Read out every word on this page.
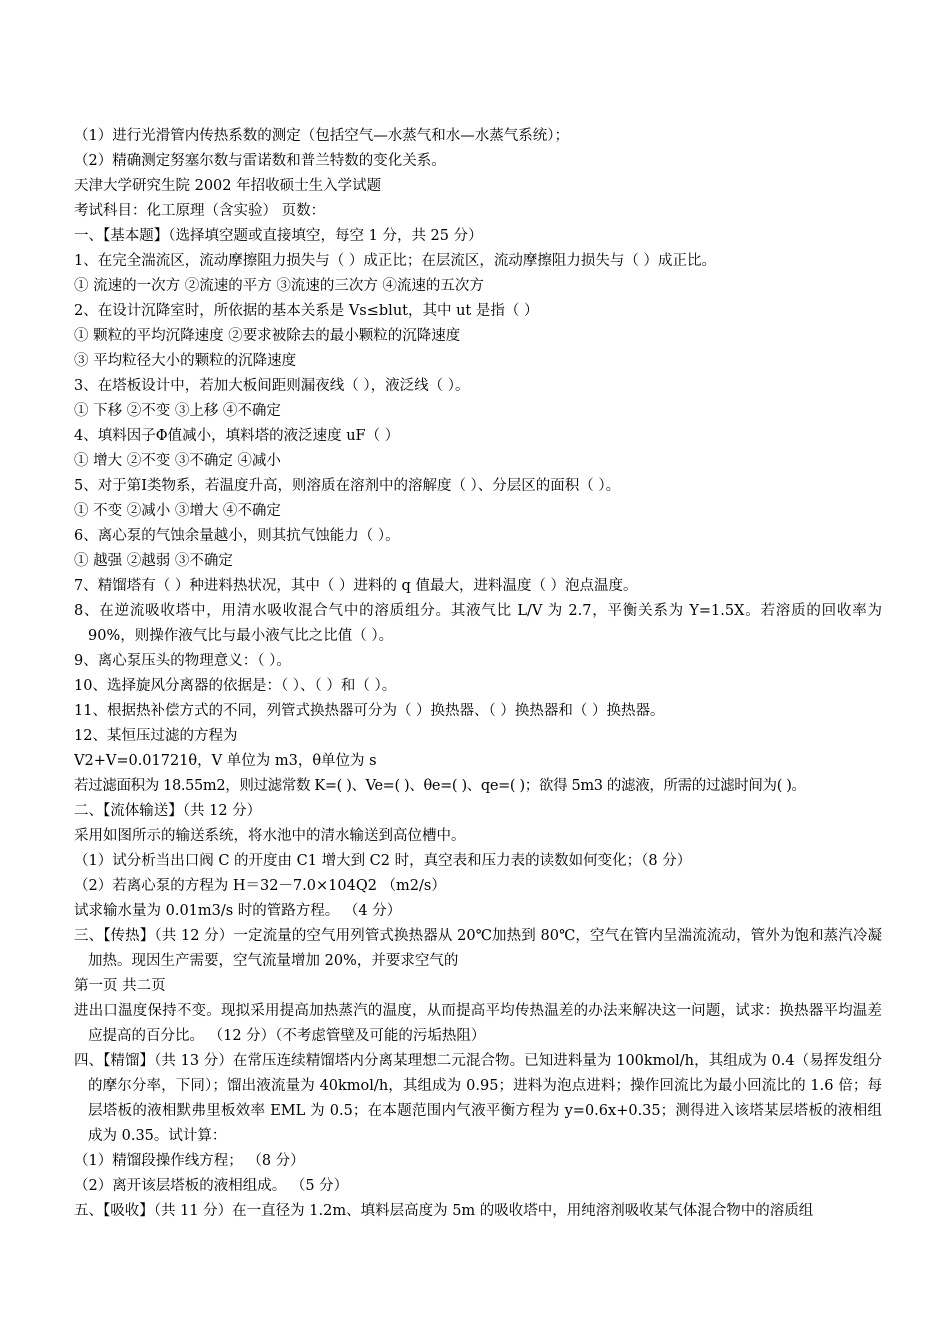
（1）进行光滑管内传热系数的测定（包括空气—水蒸气和水—水蒸气系统）；
（2）精确测定努塞尔数与雷诺数和普兰特数的变化关系。
天津大学研究生院 2002 年招收硕士生入学试题
考试科目：化工原理（含实验） 页数：
一、【基本题】（选择填空题或直接填空，每空 1 分，共 25 分）
1、在完全湍流区，流动摩擦阻力损失与（ ）成正比；在层流区，流动摩擦阻力损失与（ ）成正比。
① 流速的一次方 ②流速的平方 ③流速的三次方 ④流速的五次方
2、在设计沉降室时，所依据的基本关系是 Vs≤blut，其中 ut 是指（ ）
① 颗粒的平均沉降速度 ②要求被除去的最小颗粒的沉降速度
③ 平均粒径大小的颗粒的沉降速度
3、在塔板设计中，若加大板间距则漏夜线（ ），液泛线（ ）。
① 下移 ②不变 ③上移 ④不确定
4、填料因子Φ值减小，填料塔的液泛速度 uF（ ）
① 增大 ②不变 ③不确定 ④减小
5、对于第Ⅰ类物系，若温度升高，则溶质在溶剂中的溶解度（ ）、分层区的面积（ ）。
① 不变 ②减小 ③增大 ④不确定
6、离心泵的气蚀余量越小，则其抗气蚀能力（ ）。
① 越强 ②越弱 ③不确定
7、精馏塔有（ ）种进料热状况，其中（ ）进料的 q 值最大，进料温度（ ）泡点温度。
8、在逆流吸收塔中，用清水吸收混合气中的溶质组分。其液气比 L/V 为 2.7，平衡关系为 Y=1.5X。若溶质的回收率为 90%，则操作液气比与最小液气比之比值（ ）。
9、离心泵压头的物理意义：（ ）。
10、选择旋风分离器的依据是：（ ）、（ ）和（ ）。
11、根据热补偿方式的不同，列管式换热器可分为（ ）换热器、（ ）换热器和（ ）换热器。
12、某恒压过滤的方程为
V2+V=0.01721θ，V 单位为 m3，θ单位为 s
若过滤面积为 18.55m2，则过滤常数 K=( )、Ve=( )、θe=( )、qe=( )；欲得 5m3 的滤液，所需的过滤时间为( )。
二、【流体输送】（共 12 分）
采用如图所示的输送系统，将水池中的清水输送到高位槽中。
（1）试分析当出口阀 C 的开度由 C1 增大到 C2 时，真空表和压力表的读数如何变化；（8 分）
（2）若离心泵的方程为 H＝32－7.0×104Q2 （m2/s）
试求输水量为 0.01m3/s 时的管路方程。 （4 分）
三、【传热】（共 12 分）一定流量的空气用列管式换热器从 20℃加热到 80℃，空气在管内呈湍流流动，管外为饱和蒸汽冷凝加热。现因生产需要，空气流量增加 20%，并要求空气的
第一页 共二页
进出口温度保持不变。现拟采用提高加热蒸汽的温度，从而提高平均传热温差的办法来解决这一问题，试求：换热器平均温差应提高的百分比。 （12 分）（不考虑管壁及可能的污垢热阻）
四、【精馏】（共 13 分）在常压连续精馏塔内分离某理想二元混合物。已知进料量为 100kmol/h，其组成为 0.4（易挥发组分的摩尔分率，下同）；馏出液流量为 40kmol/h，其组成为 0.95；进料为泡点进料；操作回流比为最小回流比的 1.6 倍；每层塔板的液相默弗里板效率 EML 为 0.5；在本题范围内气液平衡方程为 y=0.6x+0.35；测得进入该塔某层塔板的液相组成为 0.35。试计算：
（1）精馏段操作线方程； （8 分）
（2）离开该层塔板的液相组成。 （5 分）
五、【吸收】（共 11 分）在一直径为 1.2m、填料层高度为 5m 的吸收塔中，用纯溶剂吸收某气体混合物中的溶质组
